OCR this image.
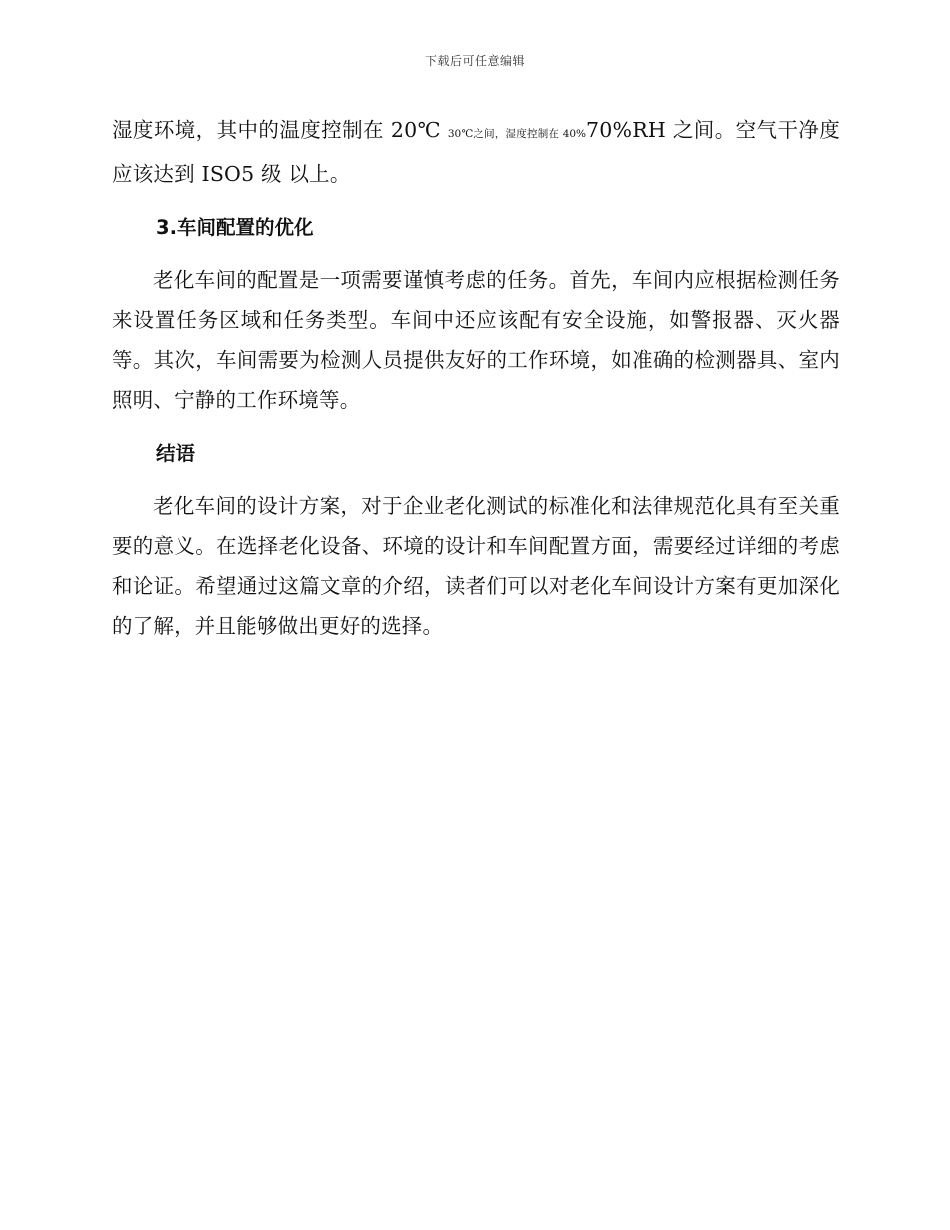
下载后可任意编辑

湿度环境，其中的温度控制在 20℃ 30℃之间，湿度控制在 40%70%RH 之间。空气干净度应该达到 ISO5 级 以上。

3.车间配置的优化

老化车间的配置是一项需要谨慎考虑的任务。首先，车间内应根据检测任务来设置任务区域和任务类型。车间中还应该配有安全设施，如警报器、灭火器等。其次，车间需要为检测人员提供友好的工作环境，如准确的检测器具、室内照明、宁静的工作环境等。

结语

老化车间的设计方案，对于企业老化测试的标准化和法律规范化具有至关重要的意义。在选择老化设备、环境的设计和车间配置方面，需要经过详细的考虑和论证。希望通过这篇文章的介绍，读者们可以对老化车间设计方案有更加深化的了解，并且能够做出更好的选择。
